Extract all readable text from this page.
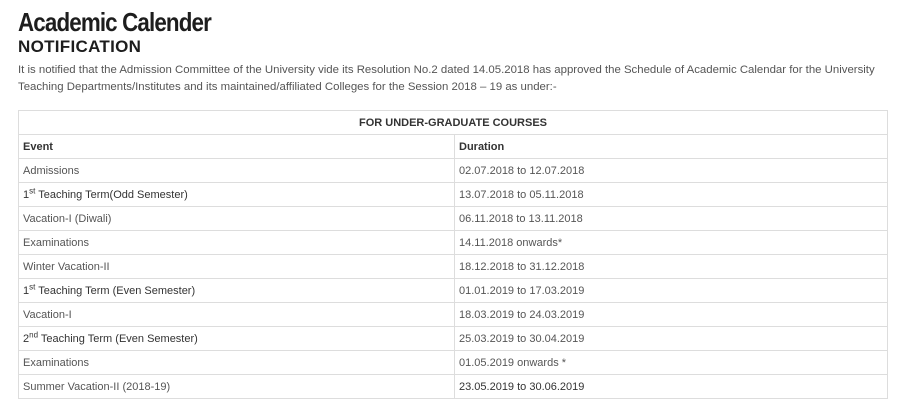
Academic Calender
NOTIFICATION
It is notified that the Admission Committee of the University vide its Resolution No.2 dated 14.05.2018 has approved the Schedule of Academic Calendar for the University Teaching Departments/Institutes and its maintained/affiliated Colleges for the Session 2018 – 19 as under:-
FOR UNDER-GRADUATE COURSES	
Event	Duration
Admissions	02.07.2018 to 12.07.2018
1st Teaching Term(Odd Semester)	13.07.2018 to 05.11.2018
Vacation-I (Diwali)	06.11.2018 to 13.11.2018
Examinations	14.11.2018 onwards*
Winter Vacation-II	18.12.2018 to 31.12.2018
1st Teaching Term (Even Semester)	01.01.2019 to 17.03.2019
Vacation-I	18.03.2019 to 24.03.2019
2nd Teaching Term (Even Semester)	25.03.2019 to 30.04.2019
Examinations	01.05.2019 onwards *
Summer Vacation-II (2018-19)	23.05.2019 to 30.06.2019
